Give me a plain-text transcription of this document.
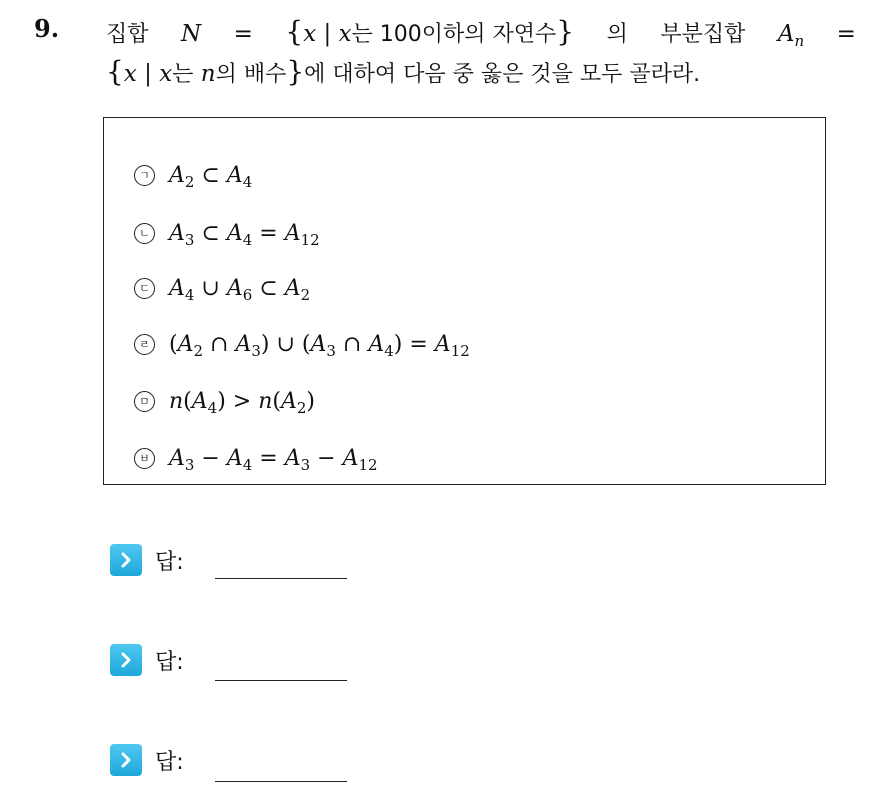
9. 집합 N = {x | x는 100이하의 자연수} 의 부분집합 $A_n$ =
{x | x는 n의 배수}에 대하여 다음 중 옳은 것을 모두 골라라.
ㄱ $A_2$ ⊂ $A_4$
ㄴ $A_3$ ⊂ $A_4 = A_{12}$
ㄷ $A_4$ ∪ $A_6$ ⊂ $A_2$
ㄹ ($A_2$ ∩ $A_3$) ∪ ($A_3$ ∩ $A_4) = A_{12}$
ㅁ $n(A_4) > n(A_2)$
ㅂ $A_3 - A_4 = A_3 - A_{12}$
답:
답:
답:
